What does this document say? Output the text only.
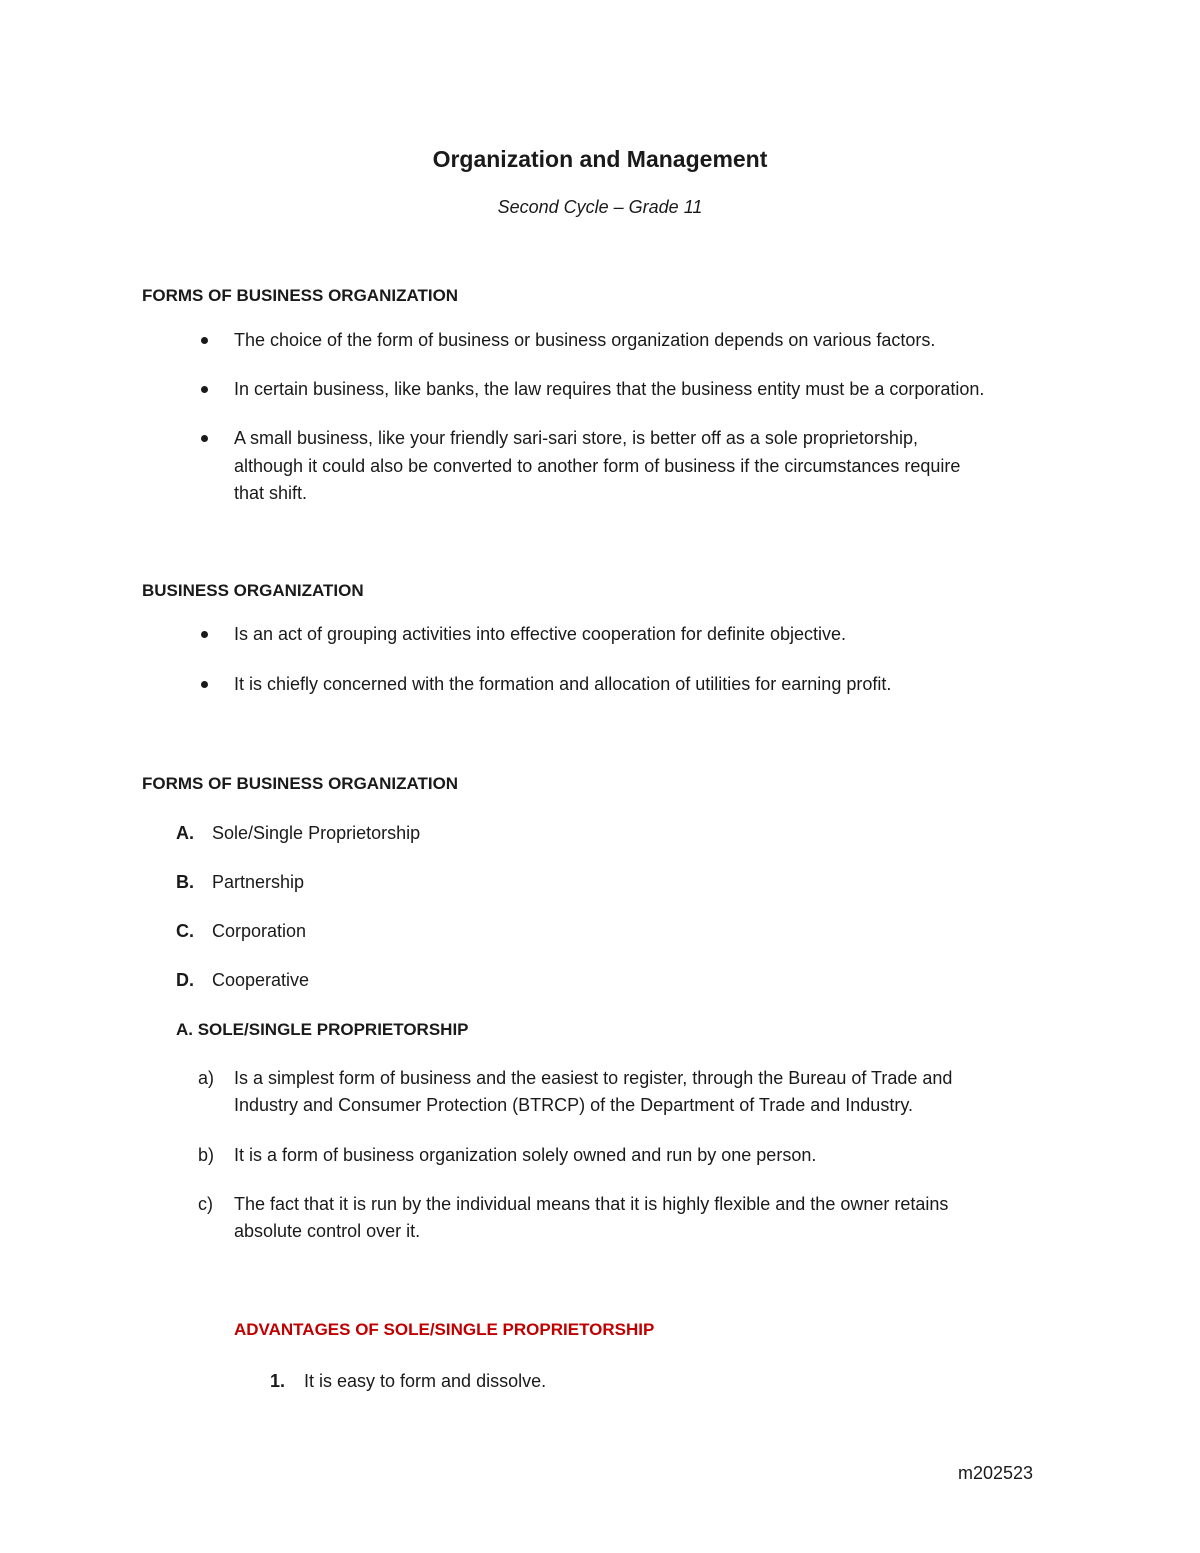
Organization and Management
Second Cycle – Grade 11
FORMS OF BUSINESS ORGANIZATION
The choice of the form of business or business organization depends on various factors.
In certain business, like banks, the law requires that the business entity must be a corporation.
A small business, like your friendly sari-sari store, is better off as a sole proprietorship,
although it could also be converted to another form of business if the circumstances require
that shift.
BUSINESS ORGANIZATION
Is an act of grouping activities into effective cooperation for definite objective.
It is chiefly concerned with the formation and allocation of utilities for earning profit.
FORMS OF BUSINESS ORGANIZATION
A. Sole/Single Proprietorship
B. Partnership
C. Corporation
D. Cooperative
A. SOLE/SINGLE PROPRIETORSHIP
a) Is a simplest form of business and the easiest to register, through the Bureau of Trade and
Industry and Consumer Protection (BTRCP) of the Department of Trade and Industry.
b) It is a form of business organization solely owned and run by one person.
c) The fact that it is run by the individual means that it is highly flexible and the owner retains
absolute control over it.
ADVANTAGES OF SOLE/SINGLE PROPRIETORSHIP
1. It is easy to form and dissolve.
m202523
